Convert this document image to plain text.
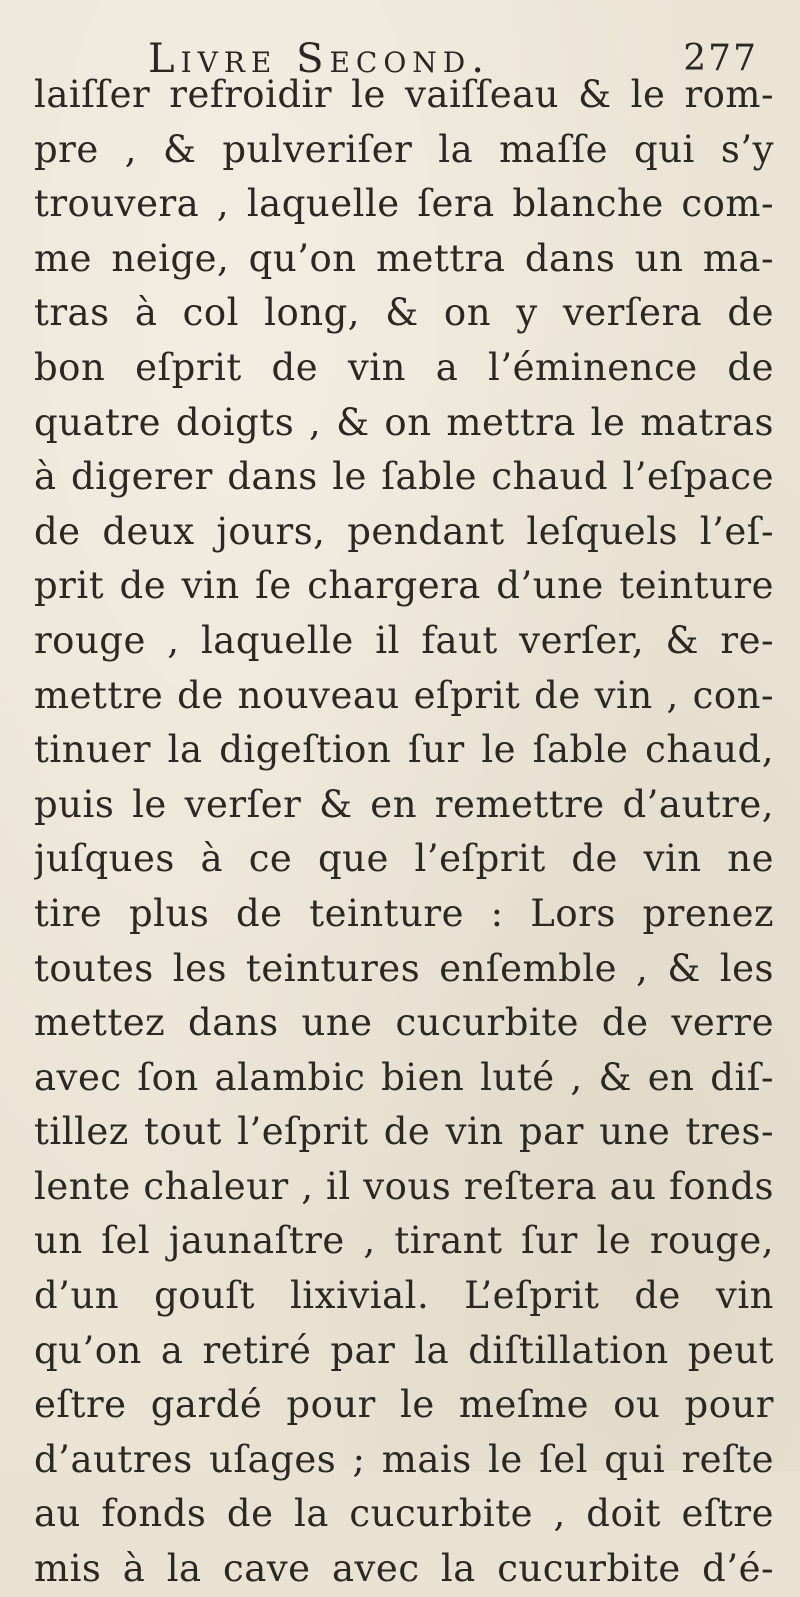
Livre Second.	277
laiſſer refroidir le vaiſſeau & le rom-
pre , & pulveriſer la maſſe qui s’y
trouvera , laquelle ſera blanche com-
me neige, qu’on mettra dans un ma-
tras à col long, & on y verſera de
bon eſprit de vin a l’éminence de
quatre doigts , & on mettra le matras
à digerer dans le ſable chaud l’eſpace
de deux jours, pendant leſquels l’eſ-
prit de vin ſe chargera d’une teinture
rouge , laquelle il faut verſer, & re-
mettre de nouveau eſprit de vin , con-
tinuer la digeſtion ſur le ſable chaud,
puis le verſer & en remettre d’autre,
juſques à ce que l’eſprit de vin ne
tire plus de teinture : Lors prenez
toutes les teintures enſemble , & les
mettez dans une cucurbite de verre
avec ſon alambic bien luté , & en diſ-
tillez tout l’eſprit de vin par une tres-
lente chaleur , il vous reſtera au fonds
un ſel jaunaſtre , tirant ſur le rouge,
d’un gouſt lixivial. L’eſprit de vin
qu’on a retiré par la diſtillation peut
eſtre gardé pour le meſme ou pour
d’autres uſages ; mais le ſel qui reſte
au fonds de la cucurbite , doit eſtre
mis à la cave avec la cucurbite d’é-
